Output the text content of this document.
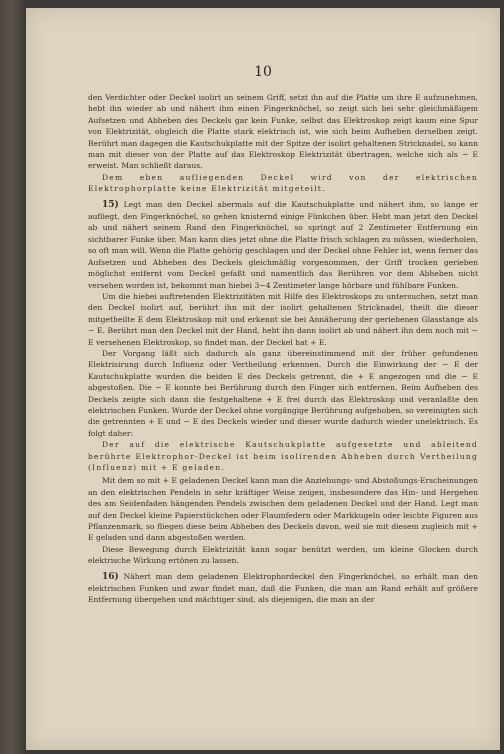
10

den Verdichter oder Deckel isolirt an seinem Griff, setzt ihn auf die Platte um ihre E aufzunehmen, hebt ihn wieder ab und nähert ihm einen Fingerknöchel, so zeigt sich bei sehr gleichmäßigem Aufsetzen und Abheben des Deckels gar kein Funke, selbst das Elektroskop zeigt kaum eine Spur von Elektrizität, obgleich die Platte stark elektrisch ist, wie sich beim Aufheben derselben zeigt. Berührt man dagegen die Kautschukplatte mit der Spitze der isolirt gehaltenen Stricknadel, so kann man mit dieser von der Platte auf das Elektroskop Elektrizität übertragen, welche sich als − E erweist. Man schließt daraus.

Dem eben aufliegenden Deckel wird von der elektrischen Elektrophorplatte keine Elektrizität mitgeteilt.

15) Legt man den Deckel abermals auf die Kautschukplatte und nähert ihm, so lange er aufliegt, den Fingerknöchel, so gehen knisternd einige Fünkchen über. Hebt man jetzt den Deckel ab und nähert seinem Rand den Fingerknöchel, so springt auf 2 Zentimeter Entfernung ein sichtbarer Funke über. Man kann dies jetzt ohne die Platte frisch schlagen zu müssen, wiederholen, so oft man will. Wenn die Platte gehörig geschlagen und der Deckel ohne Fehler ist, wenn ferner das Aufsetzen und Abheben des Deckels gleichmäßig vorgenommen, der Griff trocken gerieben möglichst entfernt vom Deckel gefaßt und namentlich das Berühren vor dem Abheben nicht versehen worden ist, bekommt man hiebei 3−4 Zentimeter lange hörbare und fühlbare Funken.

Um die hiebei auftretenden Elektrizitäten mit Hilfe des Elektroskops zu untersuchen, setzt man den Deckel isolirt auf, berührt ihn mit der isolirt gehaltenen Stricknadel, theilt die dieser mitgetheilte E dem Elektroskop mit und erkennt sie bei Annäherung der geriebenen Glasstange als − E. Berührt man den Deckel mit der Hand, hebt ihn dann isolirt ab und nähert ihn dem noch mit − E versehenen Elektroskop, so findet man, der Deckel hat + E.

Der Vorgang läßt sich dadurch als ganz übereinstimmend mit der früher gefundenen Elektrisirung durch Influenz oder Vertheilung erkennen. Durch die Einwirkung der − E der Kautschukplatte wurden die beiden E des Deckels getrennt, die + E angezogen und die − E abgestoßen. Die − E konnte bei Berührung durch den Finger sich entfernen. Beim Aufheben des Deckels zeigte sich dann die festgehaltene + E frei durch das Elektroskop und veranlaßte den elektrischen Funken. Wurde der Deckel ohne vorgängige Berührung aufgehoben, so vereinigten sich die getrennten + E und − E des Deckels wieder und dieser wurde dadurch wieder unelektrisch. Es folgt daher:

Der auf die elektrische Kautschukplatte aufgesetzte und ableitend berührte Elektrophor-Deckel ist beim isolirenden Abheben durch Vertheilung (Influenz) mit + E geladen.

Mit dem so mit + E geladenen Deckel kann man die Anziehungs- und Abstoßungs-Erscheinungen an den elektrischen Pendeln in sehr kräftiger Weise zeigen, insbesondere das Hin- und Hergehen des am Seidenfaden hängenden Pendels zwischen dem geladenen Deckel und der Hand. Legt man auf den Deckel kleine Papierstückchen oder Flaumfedern oder Markkugeln oder leichte Figuren aus Pflanzenmark, so fliegen diese beim Abheben des Deckels davon, weil sie mit diesem zugleich mit + E geladen und dann abgestoßen werden.

Diese Bewegung durch Elektrizität kann sogar benützt werden, um kleine Glocken durch elektrische Wirkung ertönen zu lassen.

16) Nähert man dem geladenen Elektrophordeckel den Fingerknöchel, so erhält man den elektrischen Funken und zwar findet man, daß die Funken, die man am Rand erhält auf größere Entfernung übergehen und mächtiger sind, als diejenigen, die man an der
